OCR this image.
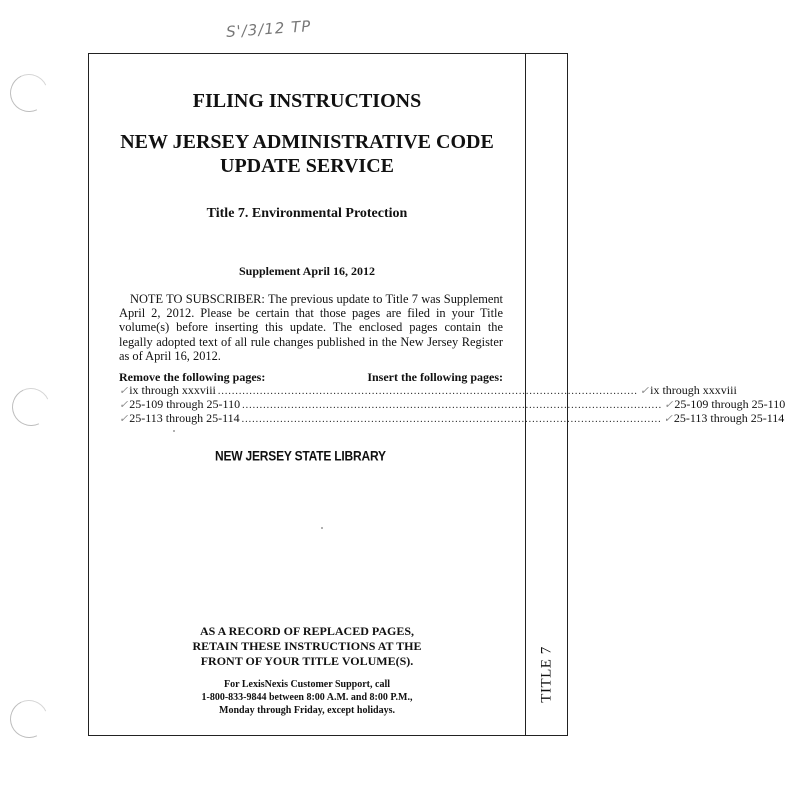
S'/3/12 TP
TITLE 7
FILING INSTRUCTIONS
NEW JERSEY ADMINISTRATIVE CODE
UPDATE SERVICE
Title 7. Environmental Protection
Supplement April 16, 2012

NOTE TO SUBSCRIBER: The previous update to Title 7 was Supplement April 2, 2012. Please be certain that those pages are filed in your Title volume(s) before inserting this update. The enclosed pages contain the legally adopted text of all rule changes published in the New Jersey Register as of April 16, 2012.

Remove the following pages:	Insert the following pages:
✓ ix through xxxviii ........................................................................................................................ ✓ ix through xxxviii
✓ 25-109 through 25-110 ........................................................................................................................ ✓ 25-109 through 25-110
✓ 25-113 through 25-114 ........................................................................................................................ ✓ 25-113 through 25-114
NEW JERSEY STATE LIBRARY
AS A RECORD OF REPLACED PAGES,
RETAIN THESE INSTRUCTIONS AT THE
FRONT OF YOUR TITLE VOLUME(S).
For LexisNexis Customer Support, call
1-800-833-9844 between 8:00 A.M. and 8:00 P.M.,
Monday through Friday, except holidays.
